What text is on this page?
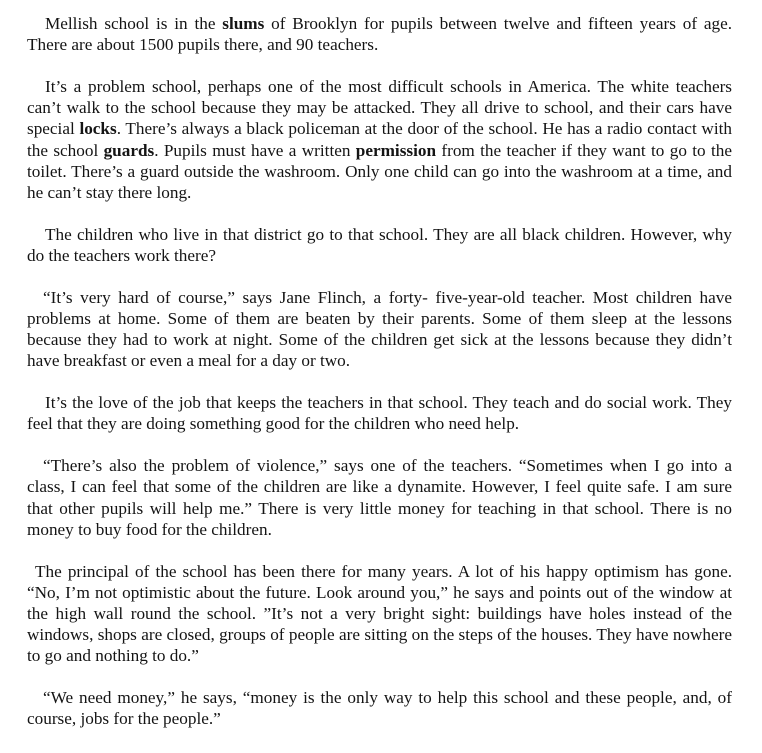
Mellish school is in the slums of Brooklyn for pupils between twelve and fifteen years of age. There are about 1500 pupils there, and 90 teachers.

It’s a problem school, perhaps one of the most difficult schools in America. The white teachers can’t walk to the school because they may be attacked. They all drive to school, and their cars have special locks. There’s always a black policeman at the door of the school. He has a radio contact with the school guards. Pupils must have a written permission from the teacher if they want to go to the toilet. There’s a guard outside the washroom. Only one child can go into the washroom at a time, and he can’t stay there long.

The children who live in that district go to that school. They are all black children. However, why do the teachers work there?

“It’s very hard of course,” says Jane Flinch, a forty- five-year-old teacher. Most children have problems at home. Some of them are beaten by their parents. Some of them sleep at the lessons because they had to work at night. Some of the children get sick at the lessons because they didn’t have breakfast or even a meal for a day or two.

It’s the love of the job that keeps the teachers in that school. They teach and do social work. They feel that they are doing something good for the children who need help.

“There’s also the problem of violence,” says one of the teachers. “Sometimes when I go into a class, I can feel that some of the children are like a dynamite. However, I feel quite safe. I am sure that other pupils will help me.” There is very little money for teaching in that school. There is no money to buy food for the children.

The principal of the school has been there for many years. A lot of his happy optimism has gone. “No, I’m not optimistic about the future. Look around you,” he says and points out of the window at the high wall round the school. ”It’s not a very bright sight: buildings have holes instead of the windows, shops are closed, groups of people are sitting on the steps of the houses. They have nowhere to go and nothing to do.”

“We need money,” he says, “money is the only way to help this school and these people, and, of course, jobs for the people.”
